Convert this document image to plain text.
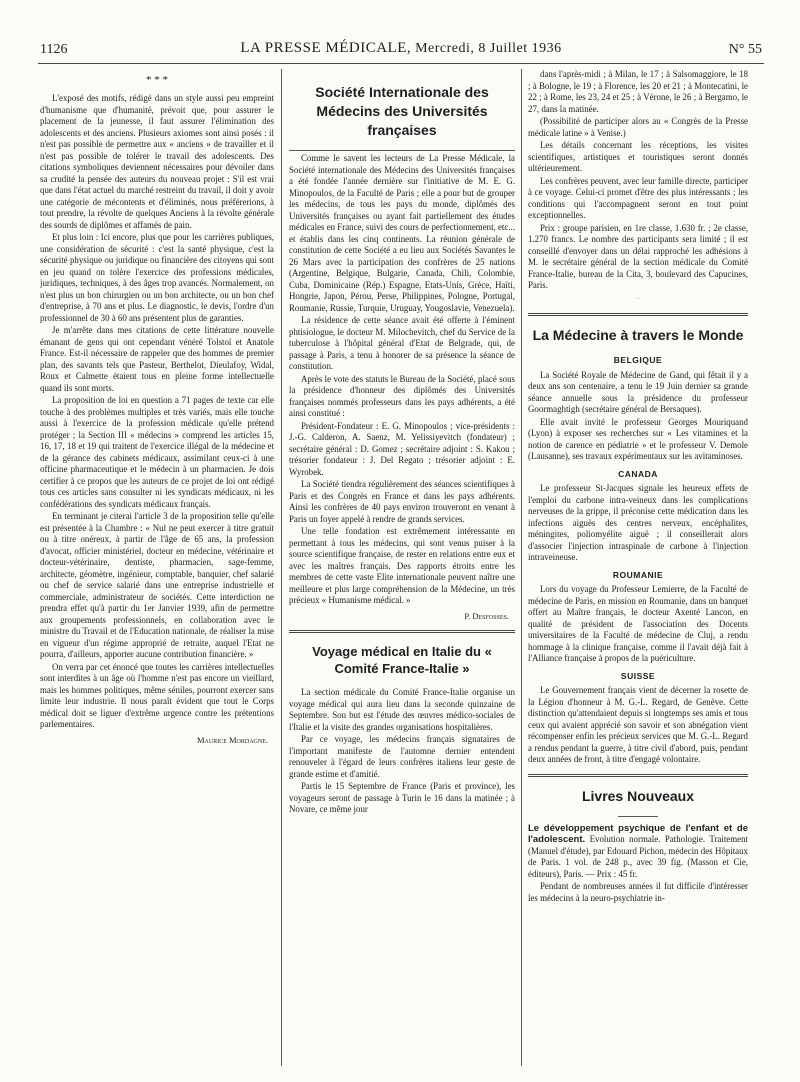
1126	LA PRESSE MÉDICALE, Mercredi, 8 Juillet 1936	N° 55
* * *

L'exposé des motifs, rédigé dans un style aussi peu empreint d'humanisme que d'humanité, prévoit que, pour assurer le placement de la jeunesse, il faut assurer l'élimination des adolescents et des anciens. Plusieurs axiomes sont ainsi posés : il n'est pas possible de permettre aux « anciens » de travailler et il n'est pas possible de tolérer le travail des adolescents. Des citations symboliques deviennent nécessaires pour dévoiler dans sa crudité la pensée des auteurs du nouveau projet : S'il est vrai que dans l'état actuel du marché restreint du travail, il doit y avoir une catégorie de mécontents et d'éliminés, nous préférerions, à tout prendre, la révolte de quelques Anciens à la révolte générale des sourds de diplômes et affamés de pain.

Et plus loin : Ici encore, plus que pour les carrières publiques, une considération de sécurité : c'est la santé physique, c'est la sécurité physique ou juridique ou financière des citoyens qui sont en jeu quand on tolère l'exercice des professions médicales, juridiques, techniques, à des âges trop avancés. Normalement, on n'est plus un bon chirurgien ou un bon architecte, ou un bon chef d'entreprise, à 70 ans et plus. Le diagnostic, le devis, l'ordre d'un professionnel de 30 à 60 ans présentent plus de garanties.

Je m'arrête dans mes citations de cette littérature nouvelle émanant de gens qui ont cependant vénéré Tolstoï et Anatole France. Est-il nécessaire de rappeler que des hommes de premier plan, des savants tels que Pasteur, Berthelot, Dieulafoy, Widal, Roux et Calmette étaient tous en pleine forme intellectuelle quand ils sont morts.

La proposition de loi en question a 71 pages de texte car elle touche à des problèmes multiples et très variés, mais elle touche aussi à l'exercice de la profession médicale qu'elle prétend protéger ; la Section III « médecins » comprend les articles 15, 16, 17, 18 et 19 qui traitent de l'exercice illégal de la médecine et de la gérance des cabinets médicaux, assimilant ceux-ci à une officine pharmaceutique et le médecin à un pharmacien. Je dois certifier à ce propos que les auteurs de ce projet de loi ont rédigé tous ces articles sans consulter ni les syndicats médicaux, ni les confédérations des syndicats médicaux français.

En terminant je citerai l'article 3 de la proposition telle qu'elle est présentée à la Chambre : « Nul ne peut exercer à titre gratuit ou à titre onéreux, à partir de l'âge de 65 ans, la profession d'avocat, officier ministériel, docteur en médecine, vétérinaire et docteur-vétérinaire, dentiste, pharmacien, sage-femme, architecte, géomètre, ingénieur, comptable, banquier, chef salarié ou chef de service salarié dans une entreprise industrielle et commerciale, administrateur de sociétés. Cette interdiction ne prendra effet qu'à partir du 1er Janvier 1939, afin de permettre aux groupements professionnels, en collaboration avec le ministre du Travail et de l'Education nationale, de réaliser la mise en vigueur d'un régime approprié de retraite, auquel l'Etat ne pourra, d'ailleurs, apporter aucune contribution financière. »

On verra par cet énoncé que toutes les carrières intellectuelles sont interdites à un âge où l'homme n'est pas encore un vieillard, mais les hommes politiques, même séniles, pourront exercer sans limite leur industrie. Il nous paraît évident que tout le Corps médical doit se liguer d'extrême urgence contre les prétentions parlementaires.

Maurice Mordagne.
Société Internationale des Médecins des Universités françaises

Comme le savent les lecteurs de La Presse Médicale, la Société internationale des Médecins des Universités françaises a été fondée l'année dernière sur l'initiative de M. E. G. Minopoulos, de la Faculté de Paris ; elle a pour but de grouper les médecins, de tous les pays du monde, diplômés des Universités françaises ou ayant fait partiellement des études médicales en France, suivi des cours de perfectionnement, etc... et établis dans les cinq continents. La réunion générale de constitution de cette Société a eu lieu aux Sociétés Savantes le 26 Mars avec la participation des confrères de 25 nations (Argentine, Belgique, Bulgarie, Canada, Chili, Colombie, Cuba, Dominicaine (Rép.) Espagne, Etats-Unis, Grèce, Haïti, Hongrie, Japon, Pérou, Perse, Philippines, Pologne, Portugal, Roumanie, Russie, Turquie, Uruguay, Yougoslavie, Venezuela).

La résidence de cette séance avait été offerte à l'éminent phtisiologue, le docteur M. Milochevitch, chef du Service de la tuberculose à l'hôpital général d'Etat de Belgrade, qui, de passage à Paris, a tenu à honorer de sa présence la séance de constitution.

Après le vote des statuts le Bureau de la Société, placé sous la présidence d'honneur des diplômés des Universités françaises nommés professeurs dans les pays adhérents, a été ainsi constitué :

Président-Fondateur : E. G. Minopoulos ; vice-présidents : J.-G. Calderon, A. Saenz, M. Yelissiyevitch (fondateur) ; secrétaire général : D. Gomez ; secrétaire adjoint : S. Kakou ; trésorier fondateur : J. Del Regato ; trésorier adjoint : E. Wyrobek.

La Société tiendra régulièrement des séances scientifiques à Paris et des Congrès en France et dans les pays adhérents. Ainsi les confrères de 40 pays environ trouveront en venant à Paris un foyer appelé à rendre de grands services.

Une telle fondation est extrêmement intéressante en permettant à tous les médecins, qui sont venus puiser à la source scientifique française, de rester en relations entre eux et avec les maîtres français. Des rapports étroits entre les membres de cette vaste Elite internationale peuvent naître une meilleure et plus large compréhension de la Médecine, un très précieux « Humanisme médical. »

P. Desfosses.
Voyage médical en Italie du « Comité France-Italie »

La section médicale du Comité France-Italie organise un voyage médical qui aura lieu dans la seconde quinzaine de Septembre. Son but est l'étude des œuvres médico-sociales de l'Italie et la visite des grandes organisations hospitalières.

Par ce voyage, les médecins français signataires de l'important manifeste de l'automne dernier entendent renouveler à l'égard de leurs confrères italiens leur geste de grande estime et d'amitié.

Partis le 15 Septembre de France (Paris et province), les voyageurs seront de passage à Turin le 16 dans la matinée ; à Novare, ce même jour

dans l'après-midi ; à Milan, le 17 ; à Salsomaggiore, le 18 ; à Bologne, le 19 ; à Florence, les 20 et 21 ; à Montecatini, le 22 ; à Rome, les 23, 24 et 25 ; à Vérone, le 26 ; à Bergamo, le 27, dans la matinée.

(Possibilité de participer alors au « Congrès de la Presse médicale latine » à Venise.)

Les détails concernant les réceptions, les visites scientifiques, artistiques et touristiques seront donnés ultérieurement.

Les confrères peuvent, avec leur famille directe, participer à ce voyage. Celui-ci promet d'être des plus intéressants ; les conditions qui l'accompagnent seront en tout point exceptionnelles.

Prix : groupe parisien, en 1re classe, 1.630 fr. ; 2e classe, 1.270 francs. Le nombre des participants sera limité ; il est conseillé d'envoyer dans un délai rapproché les adhésions à M. le secrétaire général de la section médicale du Comité France-Italie, bureau de la Cita, 3, boulevard des Capucines, Paris.

·
La Médecine à travers le Monde
BELGIQUE

La Société Royale de Médecine de Gand, qui fêtait il y a deux ans son centenaire, a tenu le 19 Juin dernier sa grande séance annuelle sous la présidence du professeur Goormaghtigh (secrétaire général de Bersaques).

Elle avait invité le professeur Georges Mouriquand (Lyon) à exposer ses recherches sur « Les vitamines et la notion de carence en pédiatrie » et le professeur V. Demole (Lausanne), ses travaux expérimentaux sur les avitaminoses.

CANADA

Le professeur St-Jacques signale les heureux effets de l'emploi du carbone intra-veineux dans les complications nerveuses de la grippe, il préconise cette médication dans les infections aiguës des centres nerveux, encéphalites, méningites, poliomyélite aiguë ; il conseillerait alors d'associer l'injection intraspinale de carbone à l'injection intraveineuse.

ROUMANIE

Lors du voyage du Professeur Lemierre, de la Faculté de médecine de Paris, en mission en Roumanie, dans un banquet offert au Maître français, le docteur Axenté Lancon, en qualité de président de l'association des Docents universitaires de la Faculté de médecine de Cluj, a rendu hommage à la clinique française, comme il l'avait déjà fait à l'Alliance française à propos de la puériculture.

SUISSE

Le Gouvernement français vient de décerner la rosette de la Légion d'honneur à M. G.-L. Regard, de Genève. Cette distinction qu'attendaient depuis si longtemps ses amis et tous ceux qui avaient apprécié son savoir et son abnégation vient récompenser enfin les précieux services que M. G.-L. Regard a rendus pendant la guerre, à titre civil d'abord, puis, pendant deux années de front, à titre d'engagé volontaire.

Livres Nouveaux

Le développement psychique de l'enfant et de l'adolescent. Evolution normale. Pathologie. Traitement (Manuel d'étude), par Edouard Pichon, médecin des Hôpitaux de Paris. 1 vol. de 248 p., avec 39 fig. (Masson et Cie, éditeurs), Paris. — Prix : 45 fr.

Pendant de nombreuses années il fut difficile d'intéresser les médecins à la neuro-psychiatrie in-
